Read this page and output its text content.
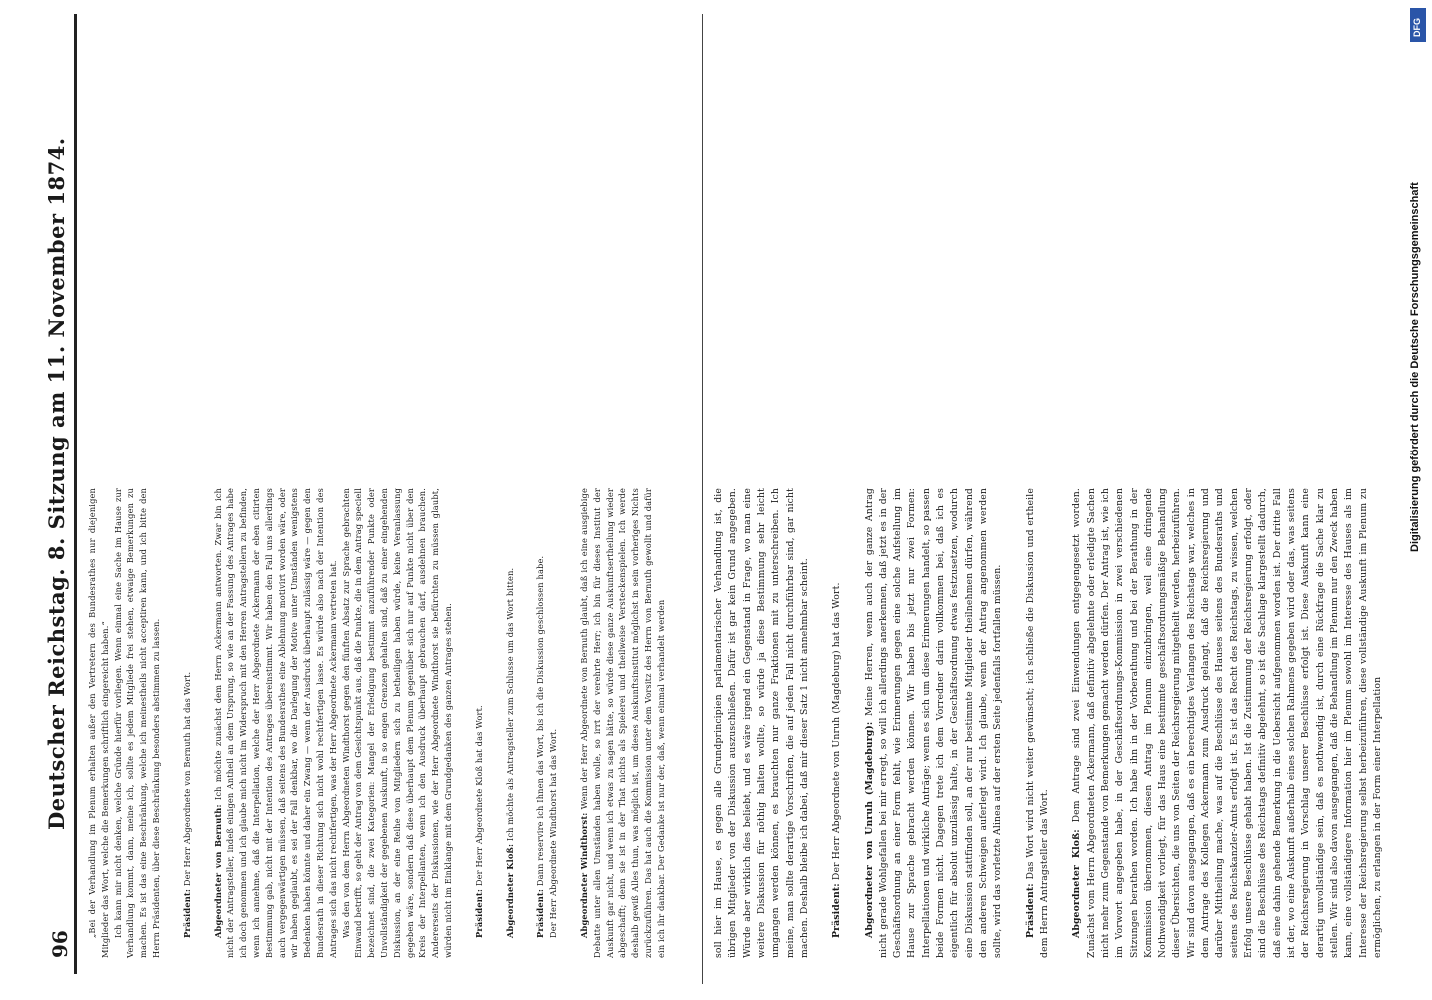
96
Deutscher Reichstag. 8. Sitzung am 11. November 1874. „Bei der Verhandlung im Plenum erhalten außer den Vertretern des Bundesrathes nur diejenigen Mitglieder das Wort, welche die Bemerkungen schriftlich eingereicht haben.“ Ich kann mir nicht denken, welche Gründe hierfür vorliegen. Wenn einmal eine Sache im Hause zur Verhandlung kommt, dann, meine ich, sollte es jedem Mitgliede frei stehen, etwaige Bemerkungen zu machen. Es ist das eine Beschränkung, welche ich meinestheils nicht acceptiren kann, und ich bitte den Herrn Präsidenten, über diese Beschränkung besonders abstimmen zu lassen.	Präsident: Der Herr Abgeordnete von Bernuth hat das Wort.	Abgeordneter von Bernuth: Ich möchte zunächst dem Herrn Ackermann antworten. Zwar bin ich nicht der Antragsteller, indeß einigen Antheil an dem Ursprung, so wie an der Fassung des Antrages habe ich doch genommen und ich glaube mich nicht im Widerspruch mit den Herren Antragstellern zu befinden, wenn ich annehme, daß die Interpellation, welche der Herr Abgeordnete Ackermann der eben citirten Bestimmung gab, nicht mit der Intention des Antrages übereinstimmt. Wir haben den Fall uns allerdings auch vergegenwärtigen müssen, daß seitens des Bundesrathes eine Ablehnung motivirt worden wäre, oder wir haben geglaubt, es sei der Fall denkbar, wo die Darlegung der Motive unter Umständen wenigstens Bedenken haben könnte und daher ein Zwang — wenn der Ausdruck überhaupt zulässig wäre — gegen den Bundesrath in dieser Richtung sich nicht wohl rechtfertigen lasse. Es würde also nach der Intention des Antrages sich das nicht rechtfertigen, was der Herr Abgeordnete Ackermann vertreten hat. Was den von dem Herrn Abgeordneten Windthorst gegen den fünften Absatz zur Sprache gebrachten Einwand betrifft, so geht der Antrag von dem Gesichtspunkt aus, daß die Punkte, die in dem Antrag speciell bezeichnet sind, die zwei Kategorien: Mangel der Erledigung bestimmt anzuführender Punkte oder Unvollständigkeit der gegebenen Auskunft, in so engen Grenzen gehalten sind, daß zu einer eingehenden Diskussion, an der eine Reihe von Mitgliedern sich zu betheiligen haben würde, keine Veranlassung gegeben wäre, sondern daß diese überhaupt dem Plenum gegenüber sich nur auf Punkte nicht über den Kreis der Interpellanten, wenn ich den Ausdruck überhaupt gebrauchen darf, ausdehnen brauchen. Andererseits der Diskussionen, wie der Herr Abgeordnete Windthorst sie befürchten zu müssen glaubt, würden nicht im Einklange mit dem Grundgedanken des ganzen Antrages stehen.	Präsident: Der Herr Abgeordnete Kloß hat das Wort.

Abgeordneter Kloß: Ich möchte als Antragsteller zum Schlusse um das Wort bitten.

Präsident: Dann reservire ich Ihnen das Wort, bis ich die Diskussion geschlossen habe. Der Herr Abgeordnete Windthorst hat das Wort.	Abgeordneter Windthorst: Wenn der Herr Abgeordnete von Bernuth glaubt, daß ich eine ausgiebige Debatte unter allen Umständen haben wolle, so irrt der verehrte Herr; ich bin für dieses Institut der Auskunft gar nicht, und wenn ich etwas zu sagen hätte, so würde diese ganze Auskunftsertheilung wieder abgeschafft; denn sie ist in der That nichts als Spielerei und theilweise Versteckenspielen. Ich werde deshalb gewiß Alles thun, was möglich ist, um dieses Auskunftsinstitut möglichst in sein vorheriges Nichts zurückzuführen. Das hat auch die Kommission unter dem Vorsitz des Herrn von Bernuth gewollt und dafür ein ich ihr dankbar. Der Gedanke ist nur der, daß, wenn einmal verhandelt werden	soll hier im Hause, es gegen alle Grundprincipien parlamentarischer Verhandlung ist, die übrigen Mitglieder von der Diskussion auszuschließen. Dafür ist gar kein Grund angegeben. Würde aber wirklich dies beliebt, und es wäre irgend ein Gegenstand in Frage, wo man eine weitere Diskussion für nöthig halten wollte, so würde ja diese Bestimmung sehr leicht umgangen werden können, es brauchten nur ganze Fraktionen mit zu unterschreiben. Ich meine, man sollte derartige Vorschriften, die auf jeden Fall nicht durchführbar sind, gar nicht machen. Deshalb bleibe ich dabei, daß mir dieser Satz 1 nicht annehmbar scheint. Präsident: Der Herr Abgeordnete von Unruh (Magdeburg) hat das Wort. Abgeordneter von Unruh (Magdeburg): Meine Herren, wenn auch der ganze Antrag nicht gerade Wohlgefallen bei mir erregt, so will ich allerdings anerkennen, daß jetzt es in der Geschäftsordnung an einer Form fehlt, wie Erinnerungen gegen eine solche Aufstellung im Hause zur Sprache gebracht werden können. Wir haben bis jetzt nur zwei Formen: Interpellationen und wirkliche Anträge; wenn es sich um diese Erinnerungen handelt, so passen beide Formen nicht. Dagegen trete ich dem Vorredner darin vollkommen bei, daß ich es eigentlich für absolut unzulässig halte, in der Geschäftsordnung etwas festzusetzen, wodurch eine Diskussion stattfinden soll, an der nur bestimmte Mitglieder theilnehmen dürfen, während den anderen Schweigen auferlegt wird. Ich glaube, wenn der Antrag angenommen werden sollte, wird das vorletzte Alinea auf der ersten Seite jedenfalls fortfallen müssen. Präsident: Das Wort wird nicht weiter gewünscht; ich schließe die Diskussion und ertheile dem Herrn Antragsteller das Wort. Abgeordneter Kloß: Dem Antrage sind zwei Einwendungen entgegengesetzt worden. Zunächst vom Herrn Abgeordneten Ackermann, daß definitiv abgelehnte oder erledigte Sachen nicht mehr zum Gegenstande von Bemerkungen gemacht werden dürfen. Der Antrag ist, wie ich im Vorwort angegeben habe, in der Geschäftsordnungs-Kommission in zwei verschiedenen Sitzungen berathen worden. Ich habe ihn in der Vorberathung und bei der Berathung in der Kommission übernommen, diesen Antrag im Plenum einzubringen, weil eine dringende Nothwendigkeit vorliegt, für das Haus eine bestimmte geschäftsordnungsmäßige Behandlung dieser Übersichten, die uns von Seiten der Reichsregierung mitgetheilt werden, herbeizuführen. Wir sind davon ausgegangen, daß es ein berechtigtes Verlangen des Reichstags war, welches in dem Antrage des Kollegen Ackermann zum Ausdruck gelangt, daß die Reichsregierung und darüber Mittheilung mache, was auf die Beschlüsse des Hauses seitens des Bundesraths und seitens des Reichskanzler-Amts erfolgt ist. Es ist das Recht des Reichstags, zu wissen, welchen Erfolg unsere Beschlüsse gehabt haben. Ist die Zustimmung der Reichsregierung erfolgt, oder sind die Beschlüsse des Reichstags definitiv abgelehnt, so ist die Sachlage klargestellt dadurch, daß eine dahin gehende Bemerkung in die Uebersicht aufgenommen worden ist. Der dritte Fall ist der, wo eine Auskunft außerhalb eines solchen Rahmens gegeben wird oder das, was seitens der Reichsregierung in Vorschlag unserer Beschlüsse erfolgt ist. Diese Auskunft kann eine derartig unvollständige sein, daß es nothwendig ist, durch eine Rückfrage die Sache klar zu stellen. Wir sind also davon ausgegangen, daß die Behandlung im Plenum nur den Zweck haben kann, eine vollständigere Information hier im Plenum sowohl im Interesse des Hauses als im Interesse der Reichsregierung selbst herbeizuführen, diese vollständige Auskunft im Plenum zu ermöglichen, zu erlangen in der Form einer Interpellation

Digitalisierung gefördert durch die Deutsche Forschungsgemeinschaft
DFG
